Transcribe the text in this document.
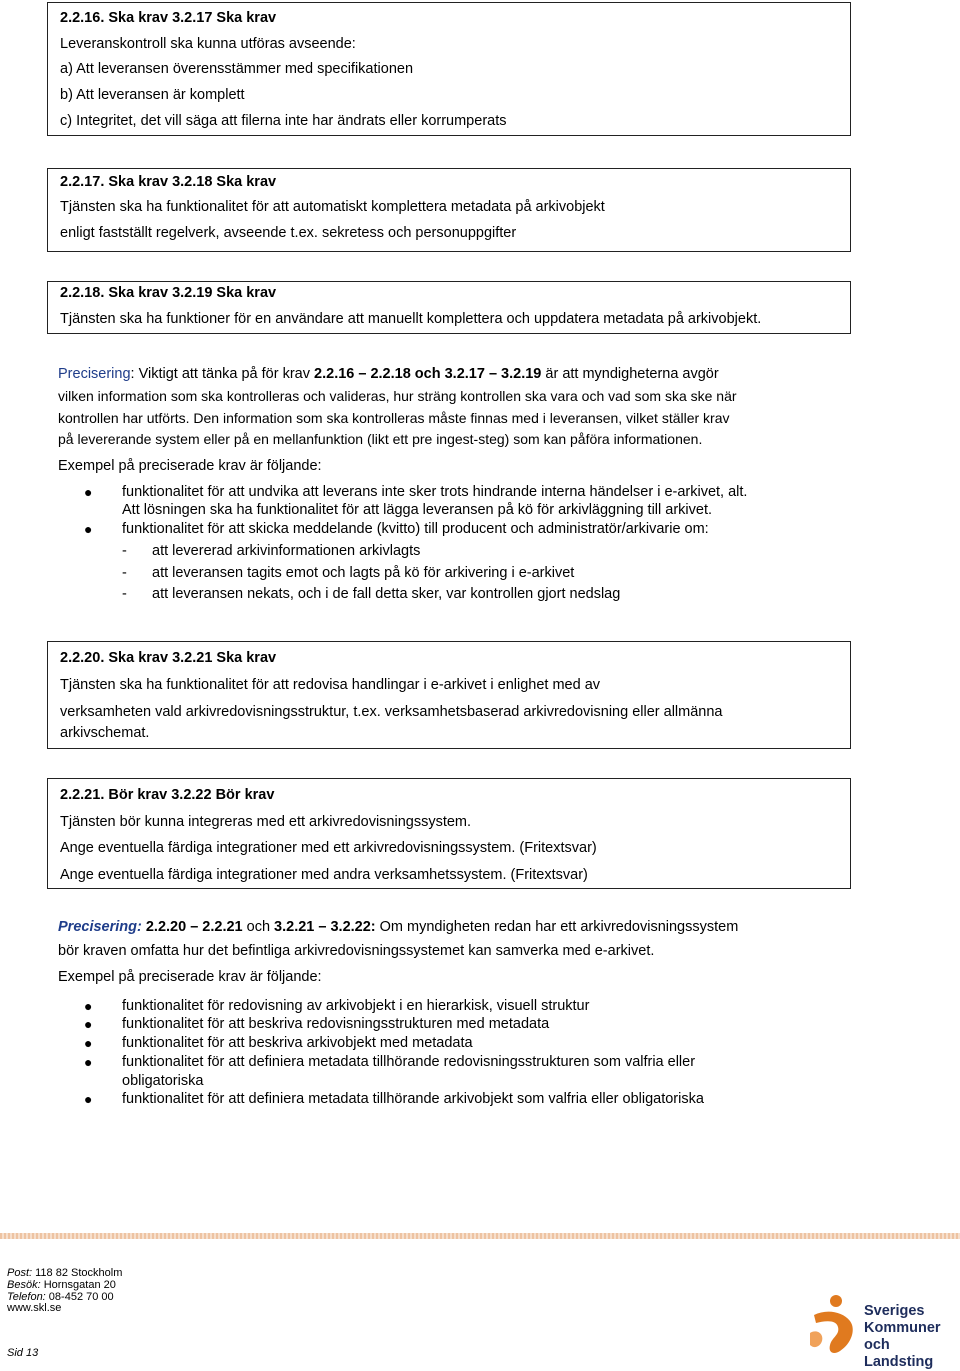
2.2.16. Ska krav 3.2.17 Ska krav
Leveranskontroll ska kunna utföras avseende:
a) Att leveransen överensstämmer med specifikationen
b) Att leveransen är komplett
c) Integritet, det vill säga att filerna inte har ändrats eller korrumperats
2.2.17. Ska krav 3.2.18 Ska krav
Tjänsten ska ha funktionalitet för att automatiskt komplettera metadata på arkivobjekt
enligt fastställt regelverk, avseende t.ex. sekretess och personuppgifter
2.2.18. Ska krav 3.2.19 Ska krav
Tjänsten ska ha funktioner för en användare att manuellt komplettera och uppdatera metadata på arkivobjekt.
Precisering: Viktigt att tänka på för krav 2.2.16 – 2.2.18 och 3.2.17 – 3.2.19 är att myndigheterna avgör
vilken information som ska kontrolleras och valideras, hur sträng kontrollen ska vara och vad som ska ske när
kontrollen har utförts. Den information som ska kontrolleras måste finnas med i leveransen, vilket ställer krav
på levererande system eller på en mellanfunktion (likt ett pre ingest-steg) som kan påföra informationen.
Exempel på preciserade krav är följande:
● funktionalitet för att undvika att leverans inte sker trots hindrande interna händelser i e-arkivet, alt.
Att lösningen ska ha funktionalitet för att lägga leveransen på kö för arkivläggning till arkivet.
● funktionalitet för att skicka meddelande (kvitto) till producent och administratör/arkivarie om:
- att levererad arkivinformationen arkivlagts
- att leveransen tagits emot och lagts på kö för arkivering i e-arkivet
- att leveransen nekats, och i de fall detta sker, var kontrollen gjort nedslag
2.2.20. Ska krav 3.2.21 Ska krav
Tjänsten ska ha funktionalitet för att redovisa handlingar i e-arkivet i enlighet med av
verksamheten vald arkivredovisningsstruktur, t.ex. verksamhetsbaserad arkivredovisning eller allmänna
arkivschemat.
2.2.21. Bör krav 3.2.22 Bör krav
Tjänsten bör kunna integreras med ett arkivredovisningssystem.
Ange eventuella färdiga integrationer med ett arkivredovisningssystem. (Fritextsvar)
Ange eventuella färdiga integrationer med andra verksamhetssystem. (Fritextsvar)
Precisering: 2.2.20 – 2.2.21 och 3.2.21 – 3.2.22: Om myndigheten redan har ett arkivredovisningssystem
bör kraven omfatta hur det befintliga arkivredovisningssystemet kan samverka med e-arkivet.
Exempel på preciserade krav är följande:
● funktionalitet för redovisning av arkivobjekt i en hierarkisk, visuell struktur
● funktionalitet för att beskriva redovisningsstrukturen med metadata
● funktionalitet för att beskriva arkivobjekt med metadata
● funktionalitet för att definiera metadata tillhörande redovisningsstrukturen som valfria eller
obligatoriska
● funktionalitet för att definiera metadata tillhörande arkivobjekt som valfria eller obligatoriska
Post: 118 82 Stockholm
Besök: Hornsgatan 20
Telefon: 08-452 70 00
www.skl.se
Sid 13
Sveriges
Kommuner
och Landsting
